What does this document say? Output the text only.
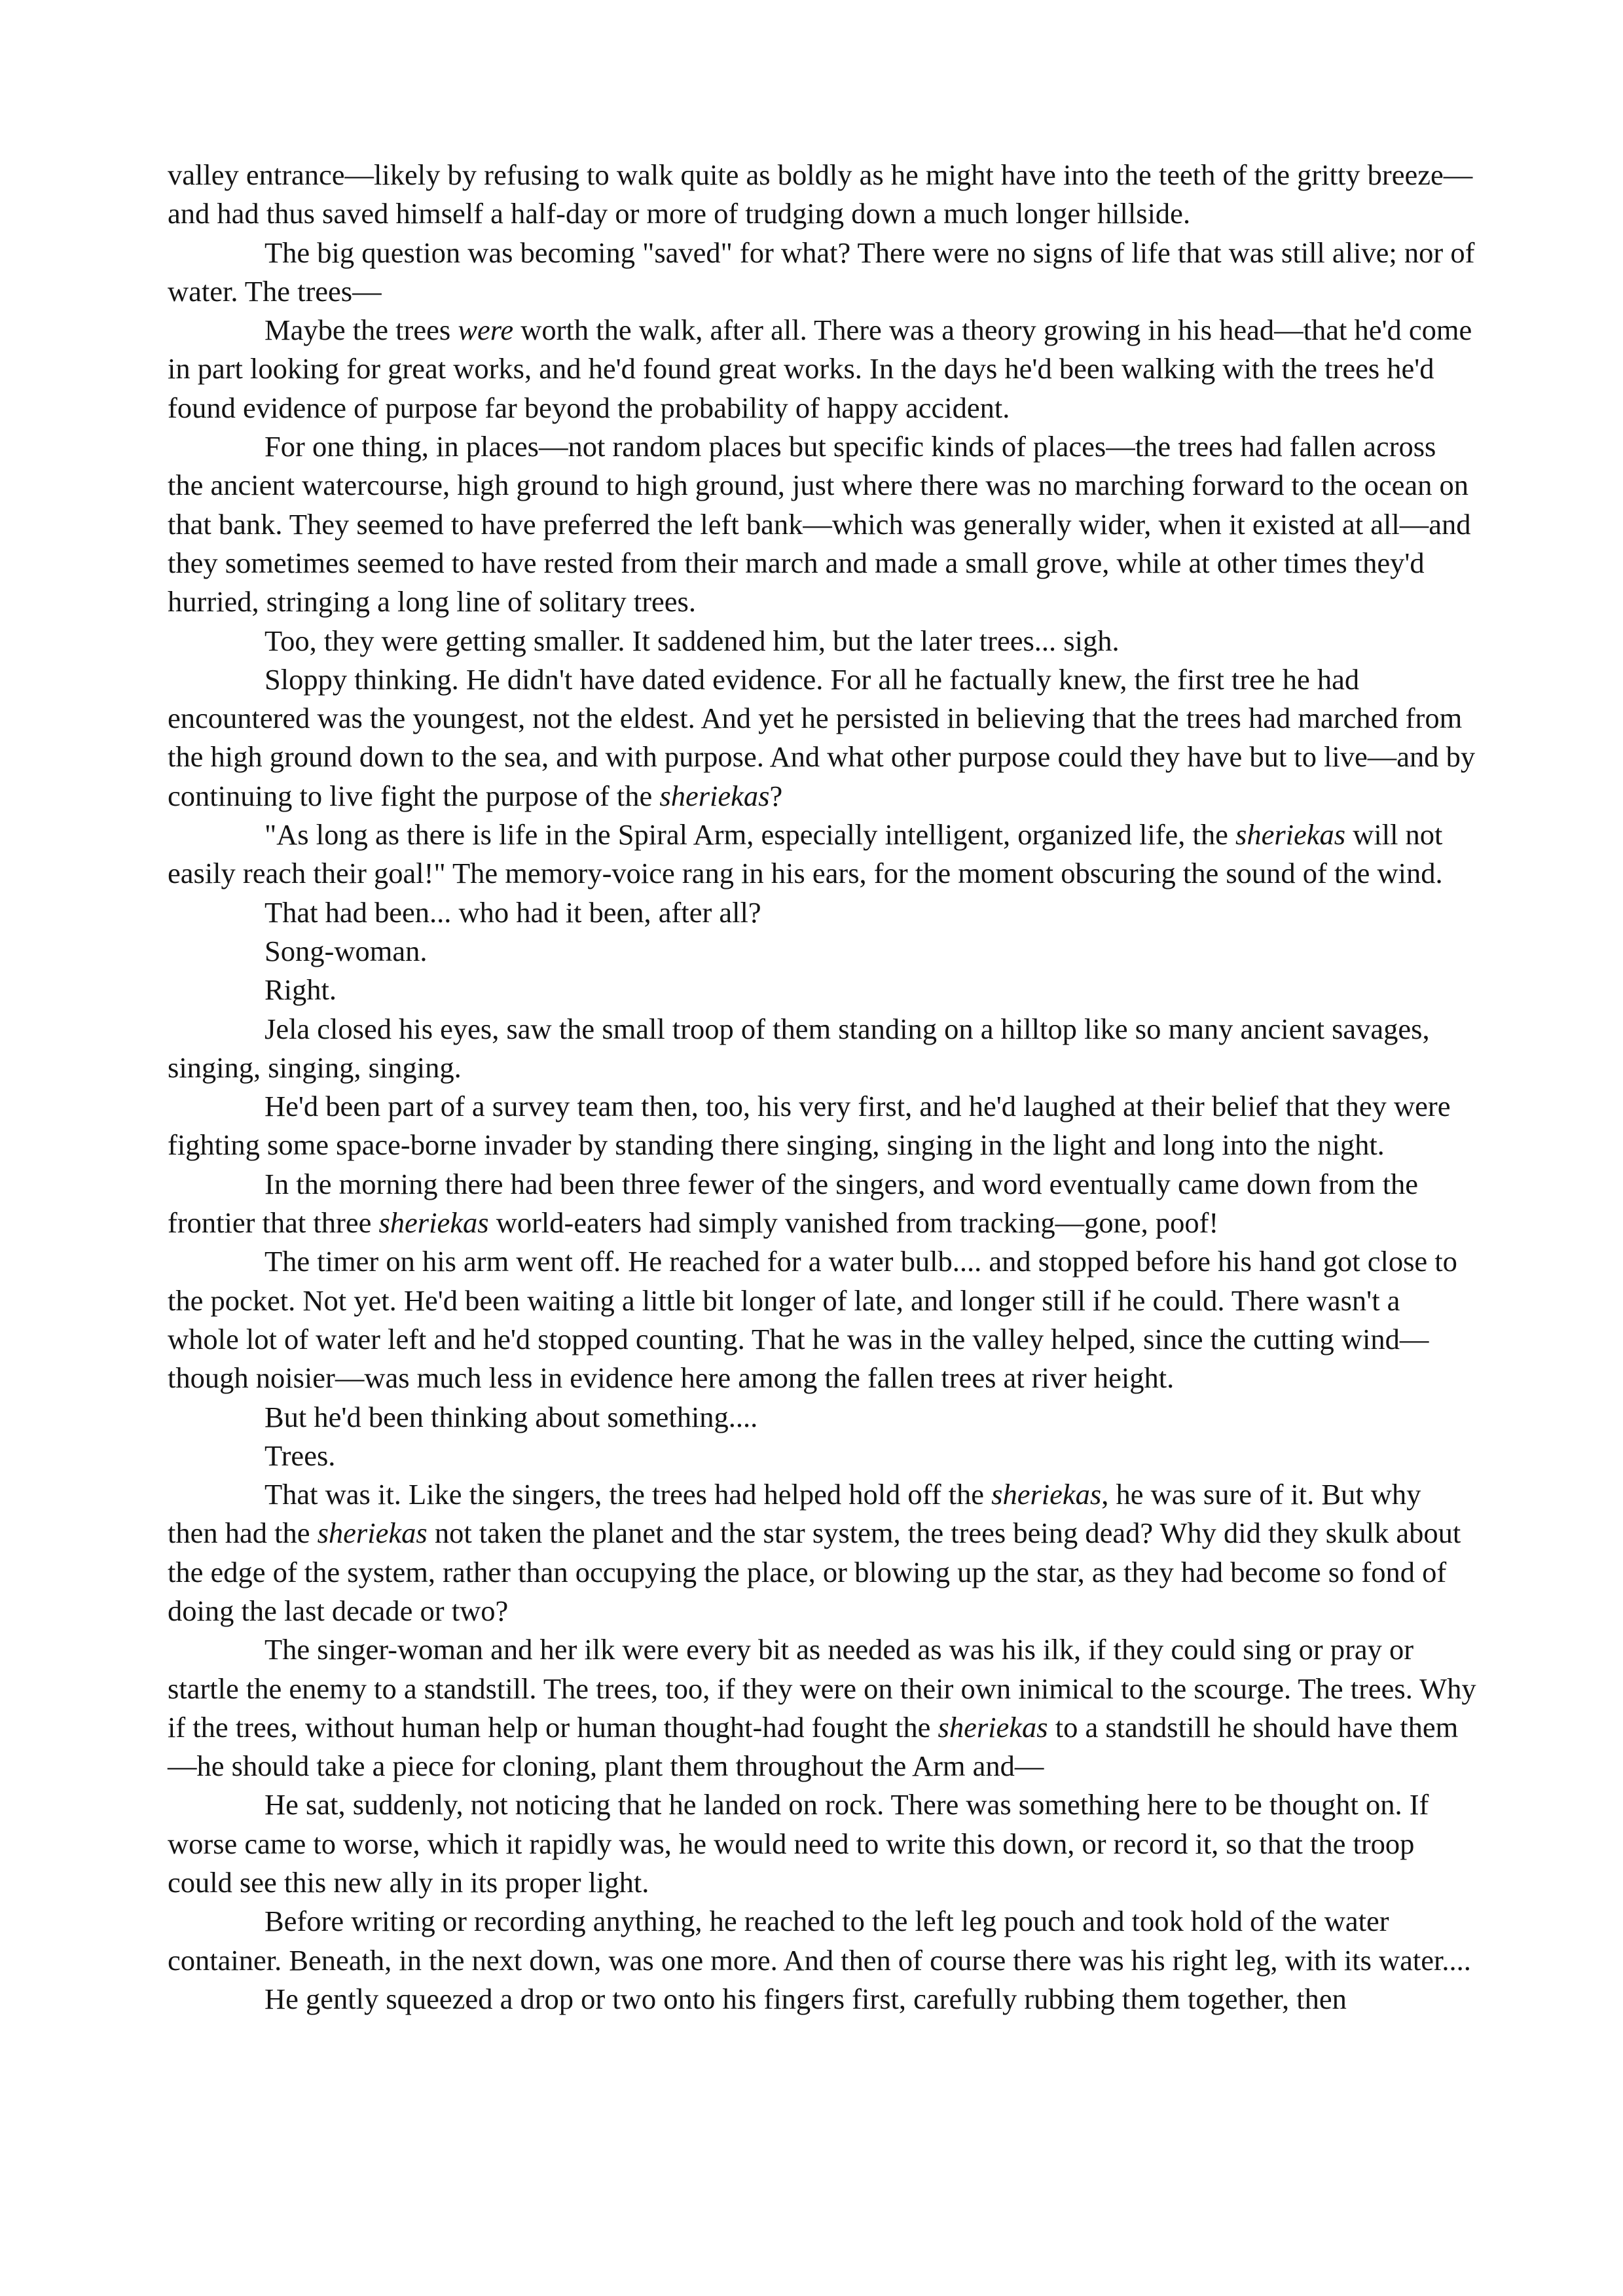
valley entrance—likely by refusing to walk quite as boldly as he might have into the teeth of the gritty breeze—and had thus saved himself a half-day or more of trudging down a much longer hillside.

The big question was becoming "saved" for what? There were no signs of life that was still alive; nor of water. The trees—

Maybe the trees were worth the walk, after all. There was a theory growing in his head—that he'd come in part looking for great works, and he'd found great works. In the days he'd been walking with the trees he'd found evidence of purpose far beyond the probability of happy accident.

For one thing, in places—not random places but specific kinds of places—the trees had fallen across the ancient watercourse, high ground to high ground, just where there was no marching forward to the ocean on that bank. They seemed to have preferred the left bank—which was generally wider, when it existed at all—and they sometimes seemed to have rested from their march and made a small grove, while at other times they'd hurried, stringing a long line of solitary trees.

Too, they were getting smaller. It saddened him, but the later trees... sigh.

Sloppy thinking. He didn't have dated evidence. For all he factually knew, the first tree he had encountered was the youngest, not the eldest. And yet he persisted in believing that the trees had marched from the high ground down to the sea, and with purpose. And what other purpose could they have but to live—and by continuing to live fight the purpose of the sheriekas?

"As long as there is life in the Spiral Arm, especially intelligent, organized life, the sheriekas will not easily reach their goal!" The memory-voice rang in his ears, for the moment obscuring the sound of the wind.

That had been... who had it been, after all?

Song-woman.

Right.

Jela closed his eyes, saw the small troop of them standing on a hilltop like so many ancient savages, singing, singing, singing.

He'd been part of a survey team then, too, his very first, and he'd laughed at their belief that they were fighting some space-borne invader by standing there singing, singing in the light and long into the night.

In the morning there had been three fewer of the singers, and word eventually came down from the frontier that three sheriekas world-eaters had simply vanished from tracking—gone, poof!

The timer on his arm went off. He reached for a water bulb.... and stopped before his hand got close to the pocket. Not yet. He'd been waiting a little bit longer of late, and longer still if he could. There wasn't a whole lot of water left and he'd stopped counting. That he was in the valley helped, since the cutting wind—though noisier—was much less in evidence here among the fallen trees at river height.

But he'd been thinking about something....

Trees.

That was it. Like the singers, the trees had helped hold off the sheriekas, he was sure of it. But why then had the sheriekas not taken the planet and the star system, the trees being dead? Why did they skulk about the edge of the system, rather than occupying the place, or blowing up the star, as they had become so fond of doing the last decade or two?

The singer-woman and her ilk were every bit as needed as was his ilk, if they could sing or pray or startle the enemy to a standstill. The trees, too, if they were on their own inimical to the scourge. The trees. Why if the trees, without human help or human thought-had fought the sheriekas to a standstill he should have them—he should take a piece for cloning, plant them throughout the Arm and—

He sat, suddenly, not noticing that he landed on rock. There was something here to be thought on. If worse came to worse, which it rapidly was, he would need to write this down, or record it, so that the troop could see this new ally in its proper light.

Before writing or recording anything, he reached to the left leg pouch and took hold of the water container. Beneath, in the next down, was one more. And then of course there was his right leg, with its water....

He gently squeezed a drop or two onto his fingers first, carefully rubbing them together, then
